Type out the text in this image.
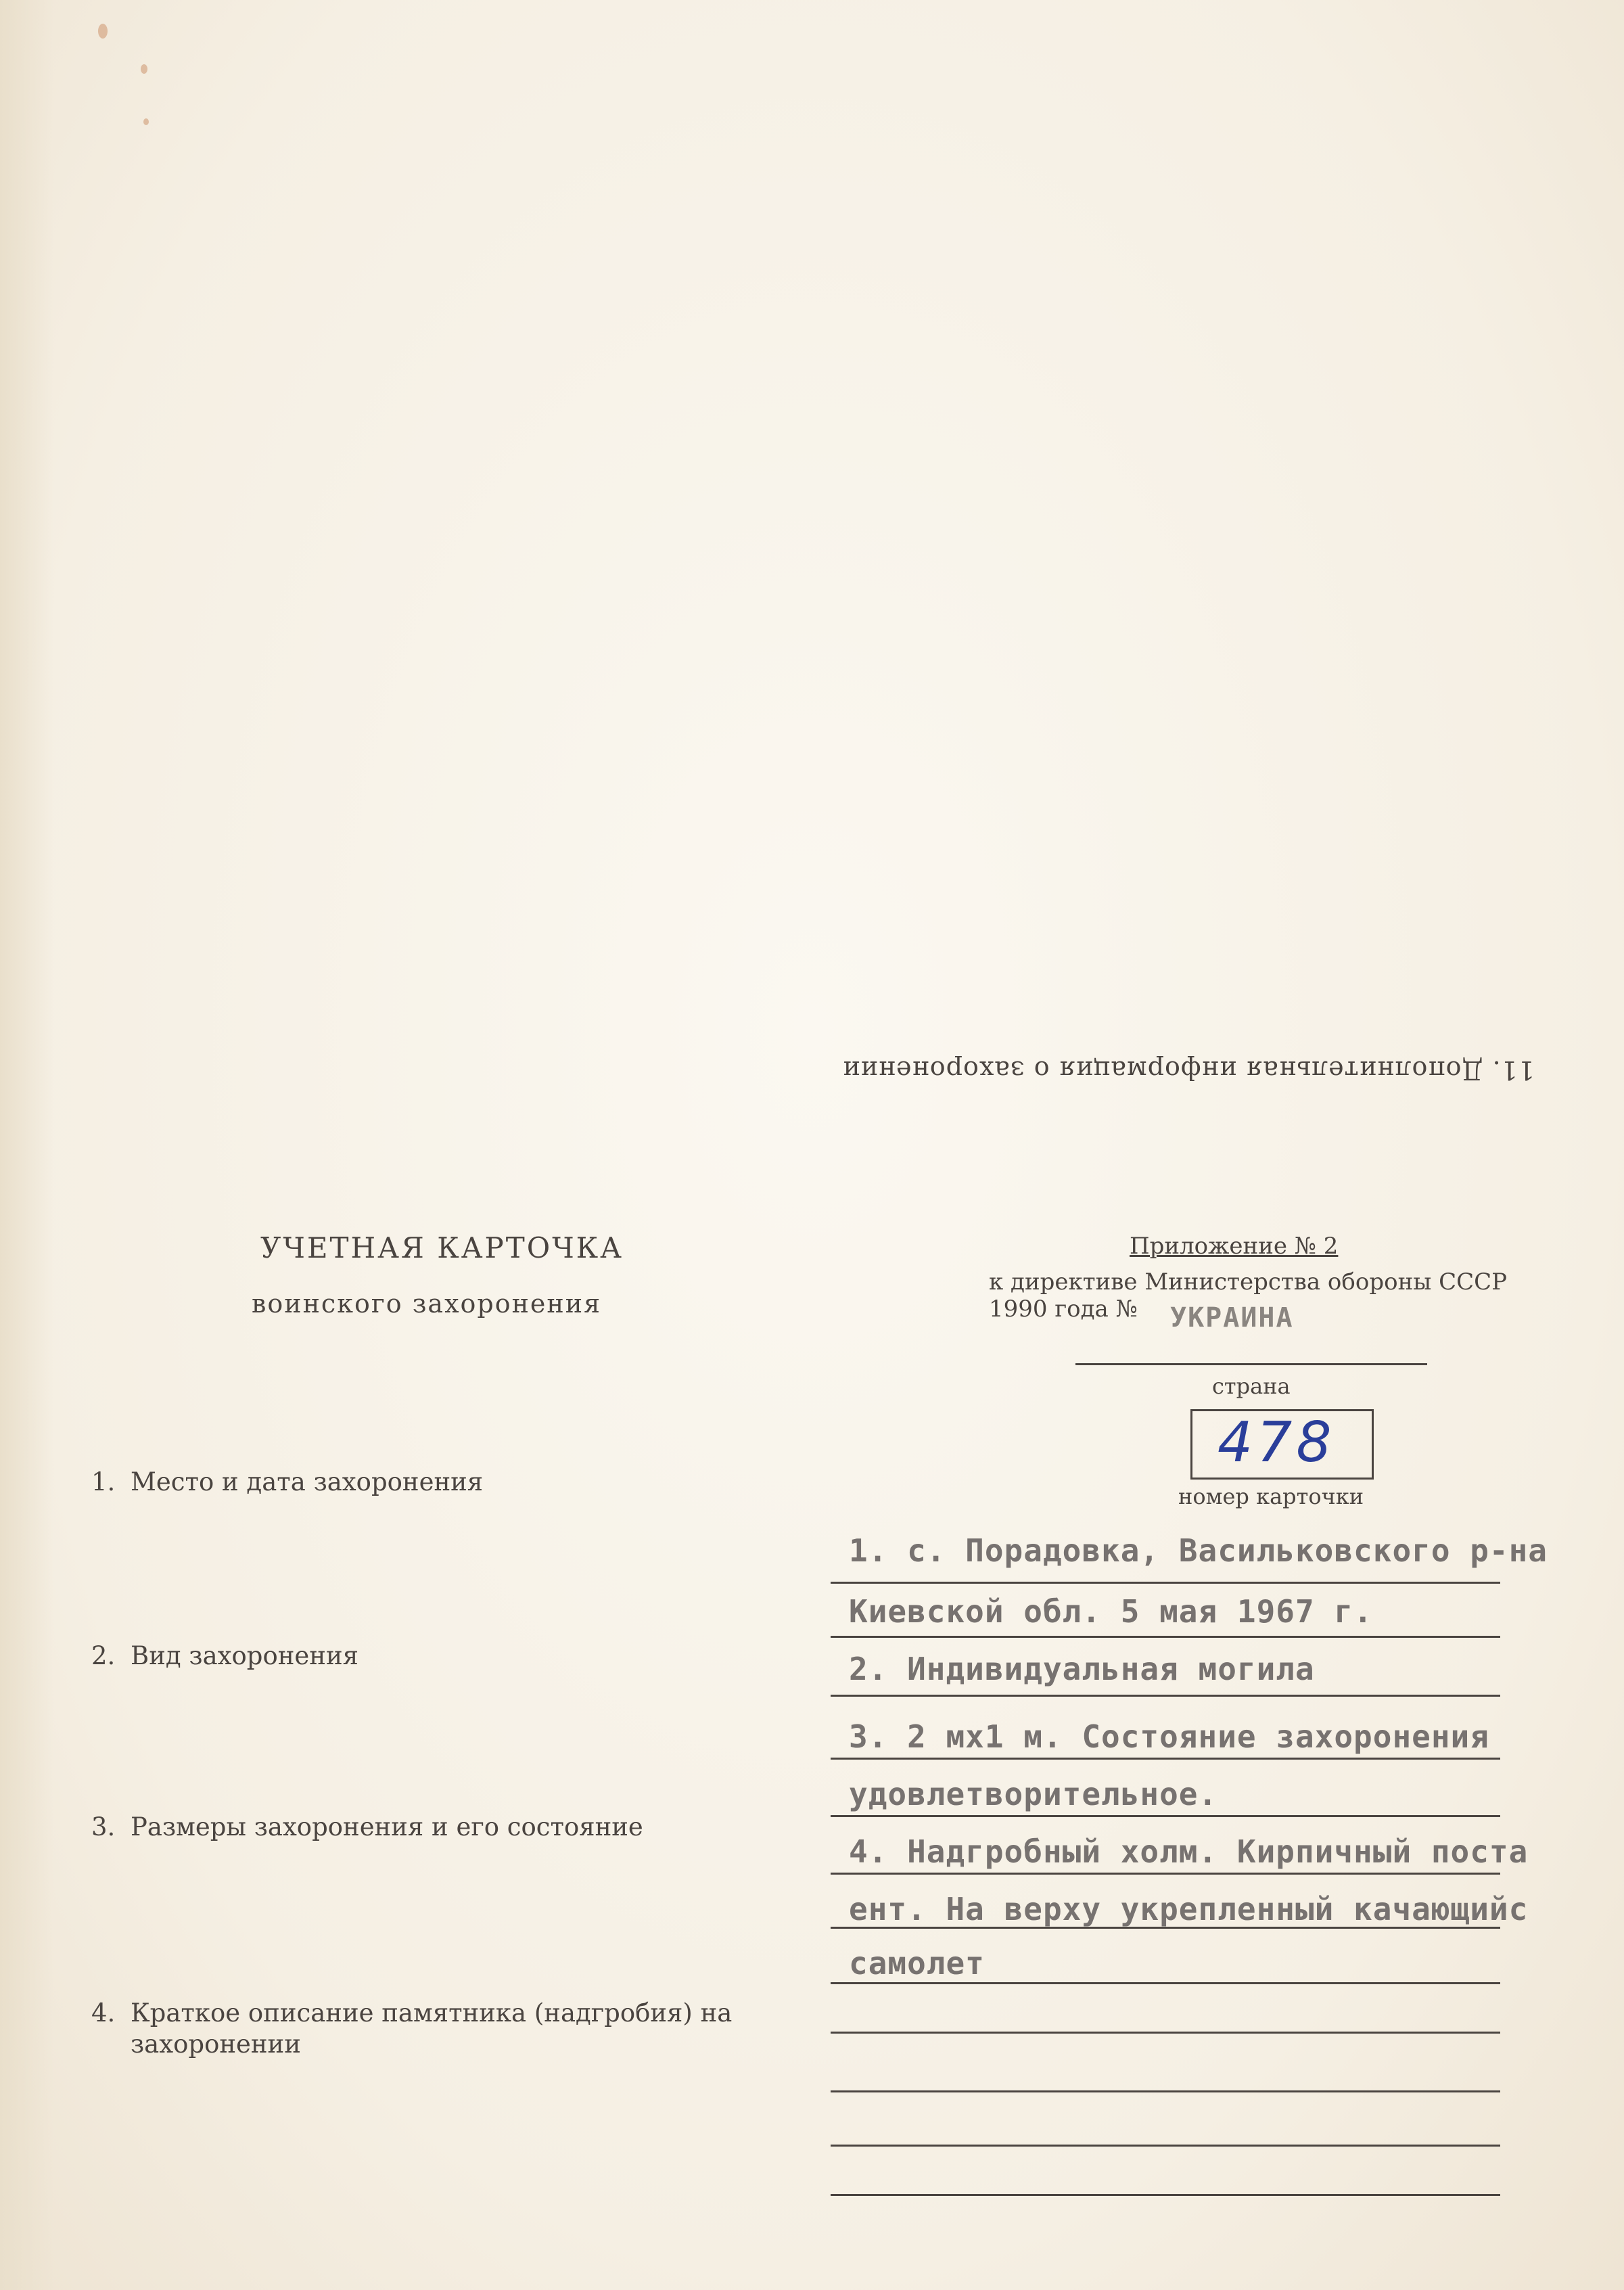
11. Дополнительная информация о захоронении
УЧЕТНАЯ КАРТОЧКА
воинского захоронения
Приложение № 2
к директиве Министерства обороны СССР
1990 года № УКРАИНА
страна
478
номер карточки
1. Место и дата захоронения
2. Вид захоронения
3. Размеры захоронения и его состояние
4. Краткое описание памятника (надгробия) на
захоронении
1. с. Порадовка, Васильковского р-на
Киевской обл. 5 мая 1967 г.
2. Индивидуальная могила
3. 2 мх1 м. Состояние захоронения
удовлетворительное.
4. Надгробный холм. Кирпичный поста
ент. На верху укрепленный качающийс
самолет
